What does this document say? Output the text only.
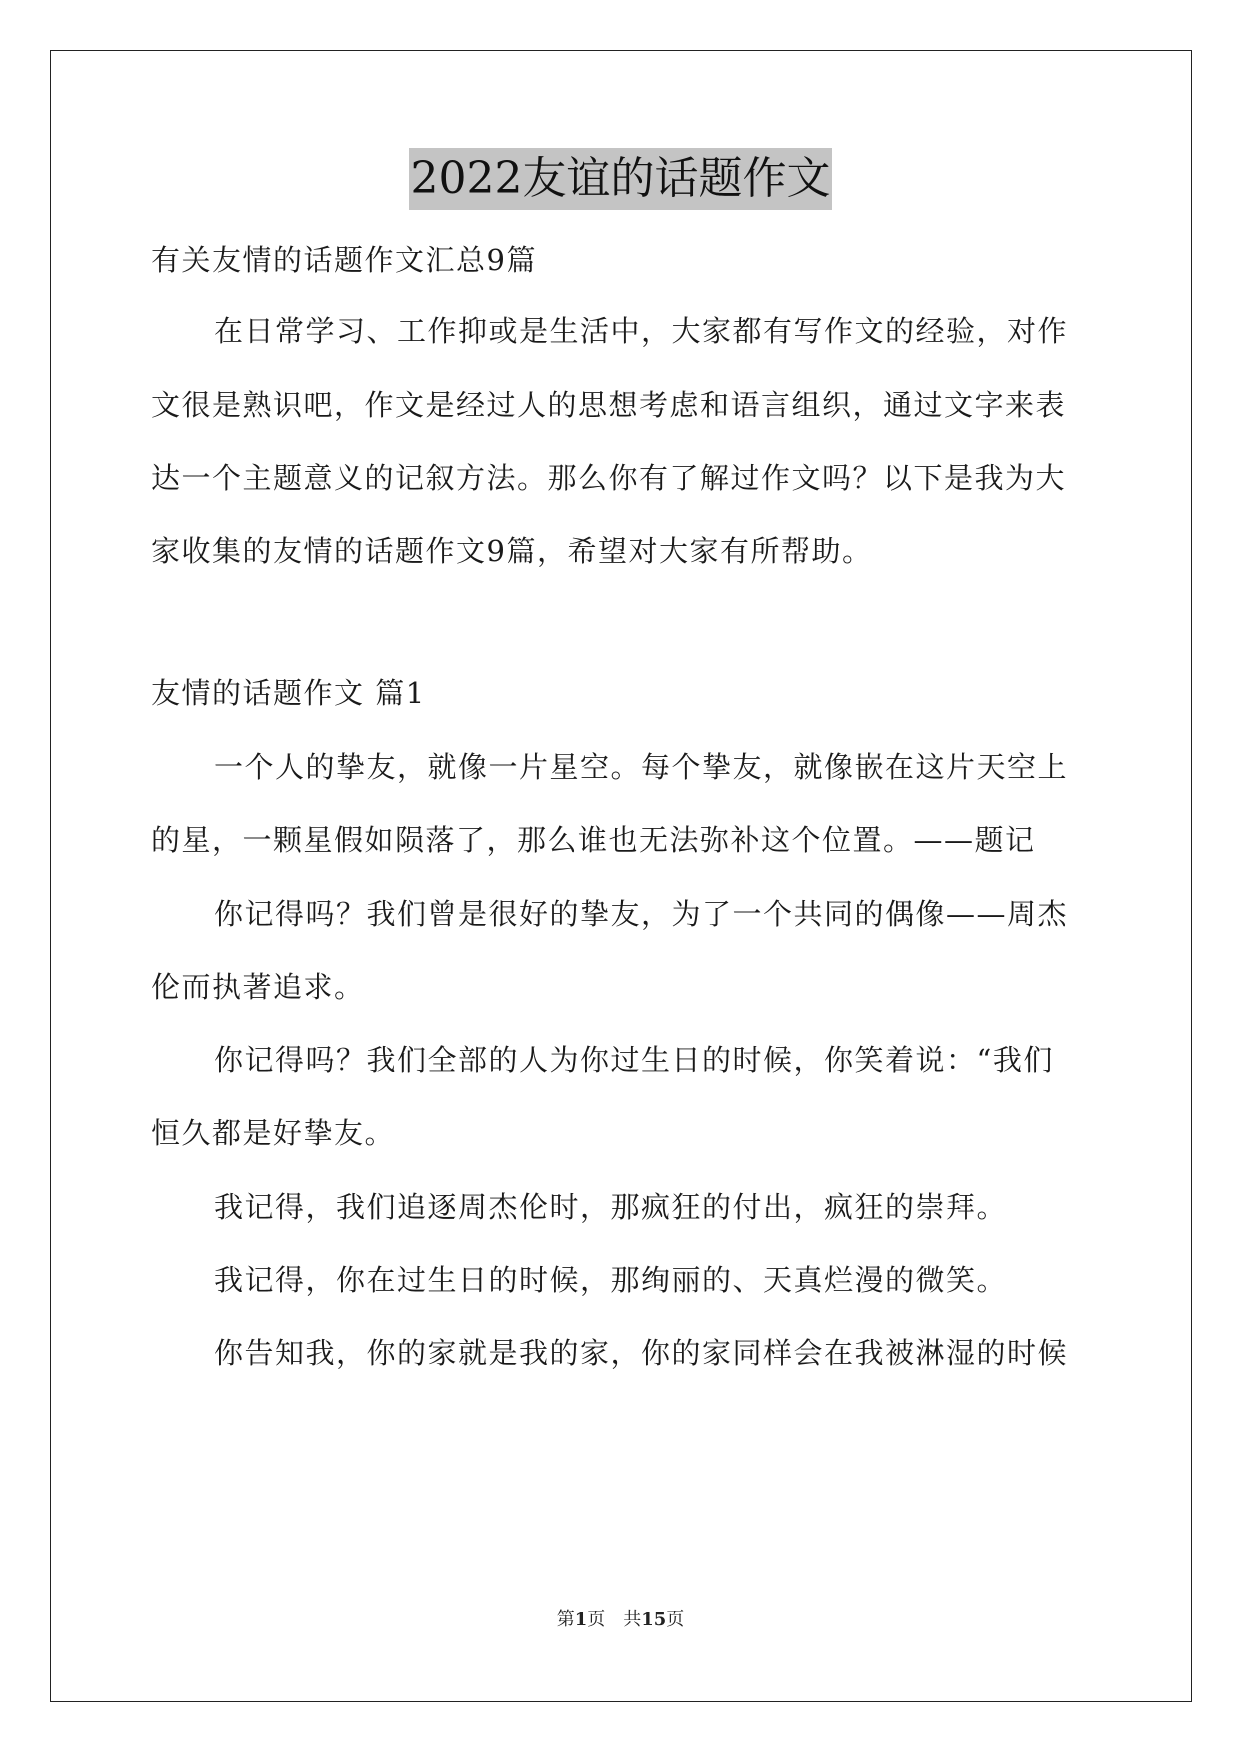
2022友谊的话题作文
有关友情的话题作文汇总9篇
在日常学习、工作抑或是生活中，大家都有写作文的经验，对作
文很是熟识吧，作文是经过人的思想考虑和语言组织，通过文字来表
达一个主题意义的记叙方法。那么你有了解过作文吗？以下是我为大
家收集的友情的话题作文9篇，希望对大家有所帮助。
友情的话题作文 篇1
一个人的挚友，就像一片星空。每个挚友，就像嵌在这片天空上
的星，一颗星假如陨落了，那么谁也无法弥补这个位置。——题记
你记得吗？我们曾是很好的挚友，为了一个共同的偶像——周杰
伦而执著追求。
你记得吗？我们全部的人为你过生日的时候，你笑着说：“我们
恒久都是好挚友。
我记得，我们追逐周杰伦时，那疯狂的付出，疯狂的崇拜。
我记得，你在过生日的时候，那绚丽的、天真烂漫的微笑。
你告知我，你的家就是我的家，你的家同样会在我被淋湿的时候
第1页　共15页
